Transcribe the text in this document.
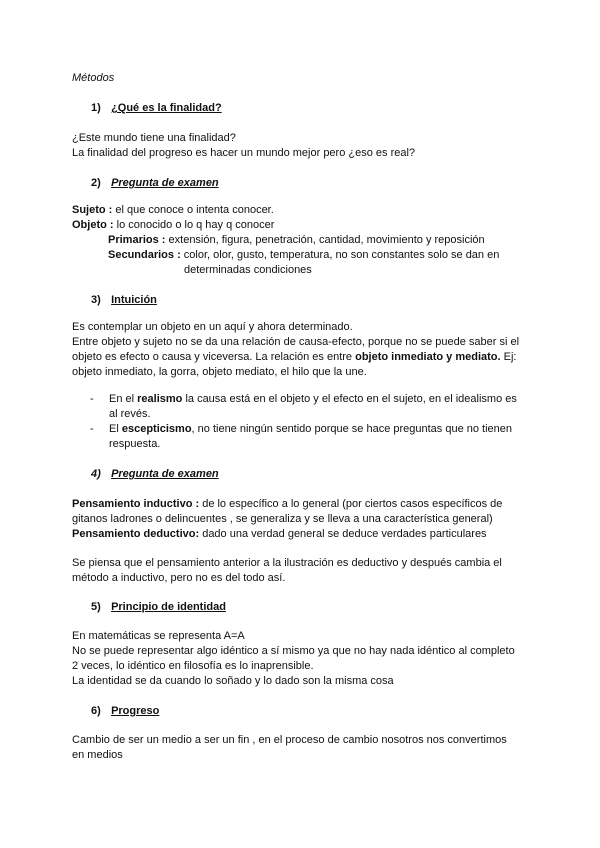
Métodos

1) ¿Qué es la finalidad?

¿Este mundo tiene una finalidad?
La finalidad del progreso es hacer un mundo mejor pero ¿eso es real?

2) Pregunta de examen

Sujeto : el que conoce o intenta conocer.
Objeto : lo conocido o lo q hay q conocer
Primarios : extensión, figura, penetración, cantidad, movimiento y reposición
Secundarios : color, olor, gusto, temperatura, no son constantes solo se dan en
determinadas condiciones

3) Intuición

Es contemplar un objeto en un aquí y ahora determinado.
Entre objeto y sujeto no se da una relación de causa-efecto, porque no se puede saber si el
objeto es efecto o causa y viceversa. La relación es entre objeto inmediato y mediato. Ej:
objeto inmediato, la gorra, objeto mediato, el hilo que la une.
- En el realismo la causa está en el objeto y el efecto en el sujeto, en el idealismo es
al revés.
- El escepticismo, no tiene ningún sentido porque se hace preguntas que no tienen
respuesta.

4) Pregunta de examen

Pensamiento inductivo : de lo específico a lo general (por ciertos casos específicos de
gitanos ladrones o delincuentes , se generaliza y se lleva a una característica general)
Pensamiento deductivo: dado una verdad general se deduce verdades particulares
Se piensa que el pensamiento anterior a la ilustración es deductivo y después cambia el
método a inductivo, pero no es del todo así.

5) Principio de identidad

En matemáticas se representa A=A
No se puede representar algo idéntico a sí mismo ya que no hay nada idéntico al completo
2 veces, lo idéntico en filosofía es lo inaprensible.
La identidad se da cuando lo soñado y lo dado son la misma cosa

6) Progreso

Cambio de ser un medio a ser un fin , en el proceso de cambio nosotros nos convertimos
en medios
